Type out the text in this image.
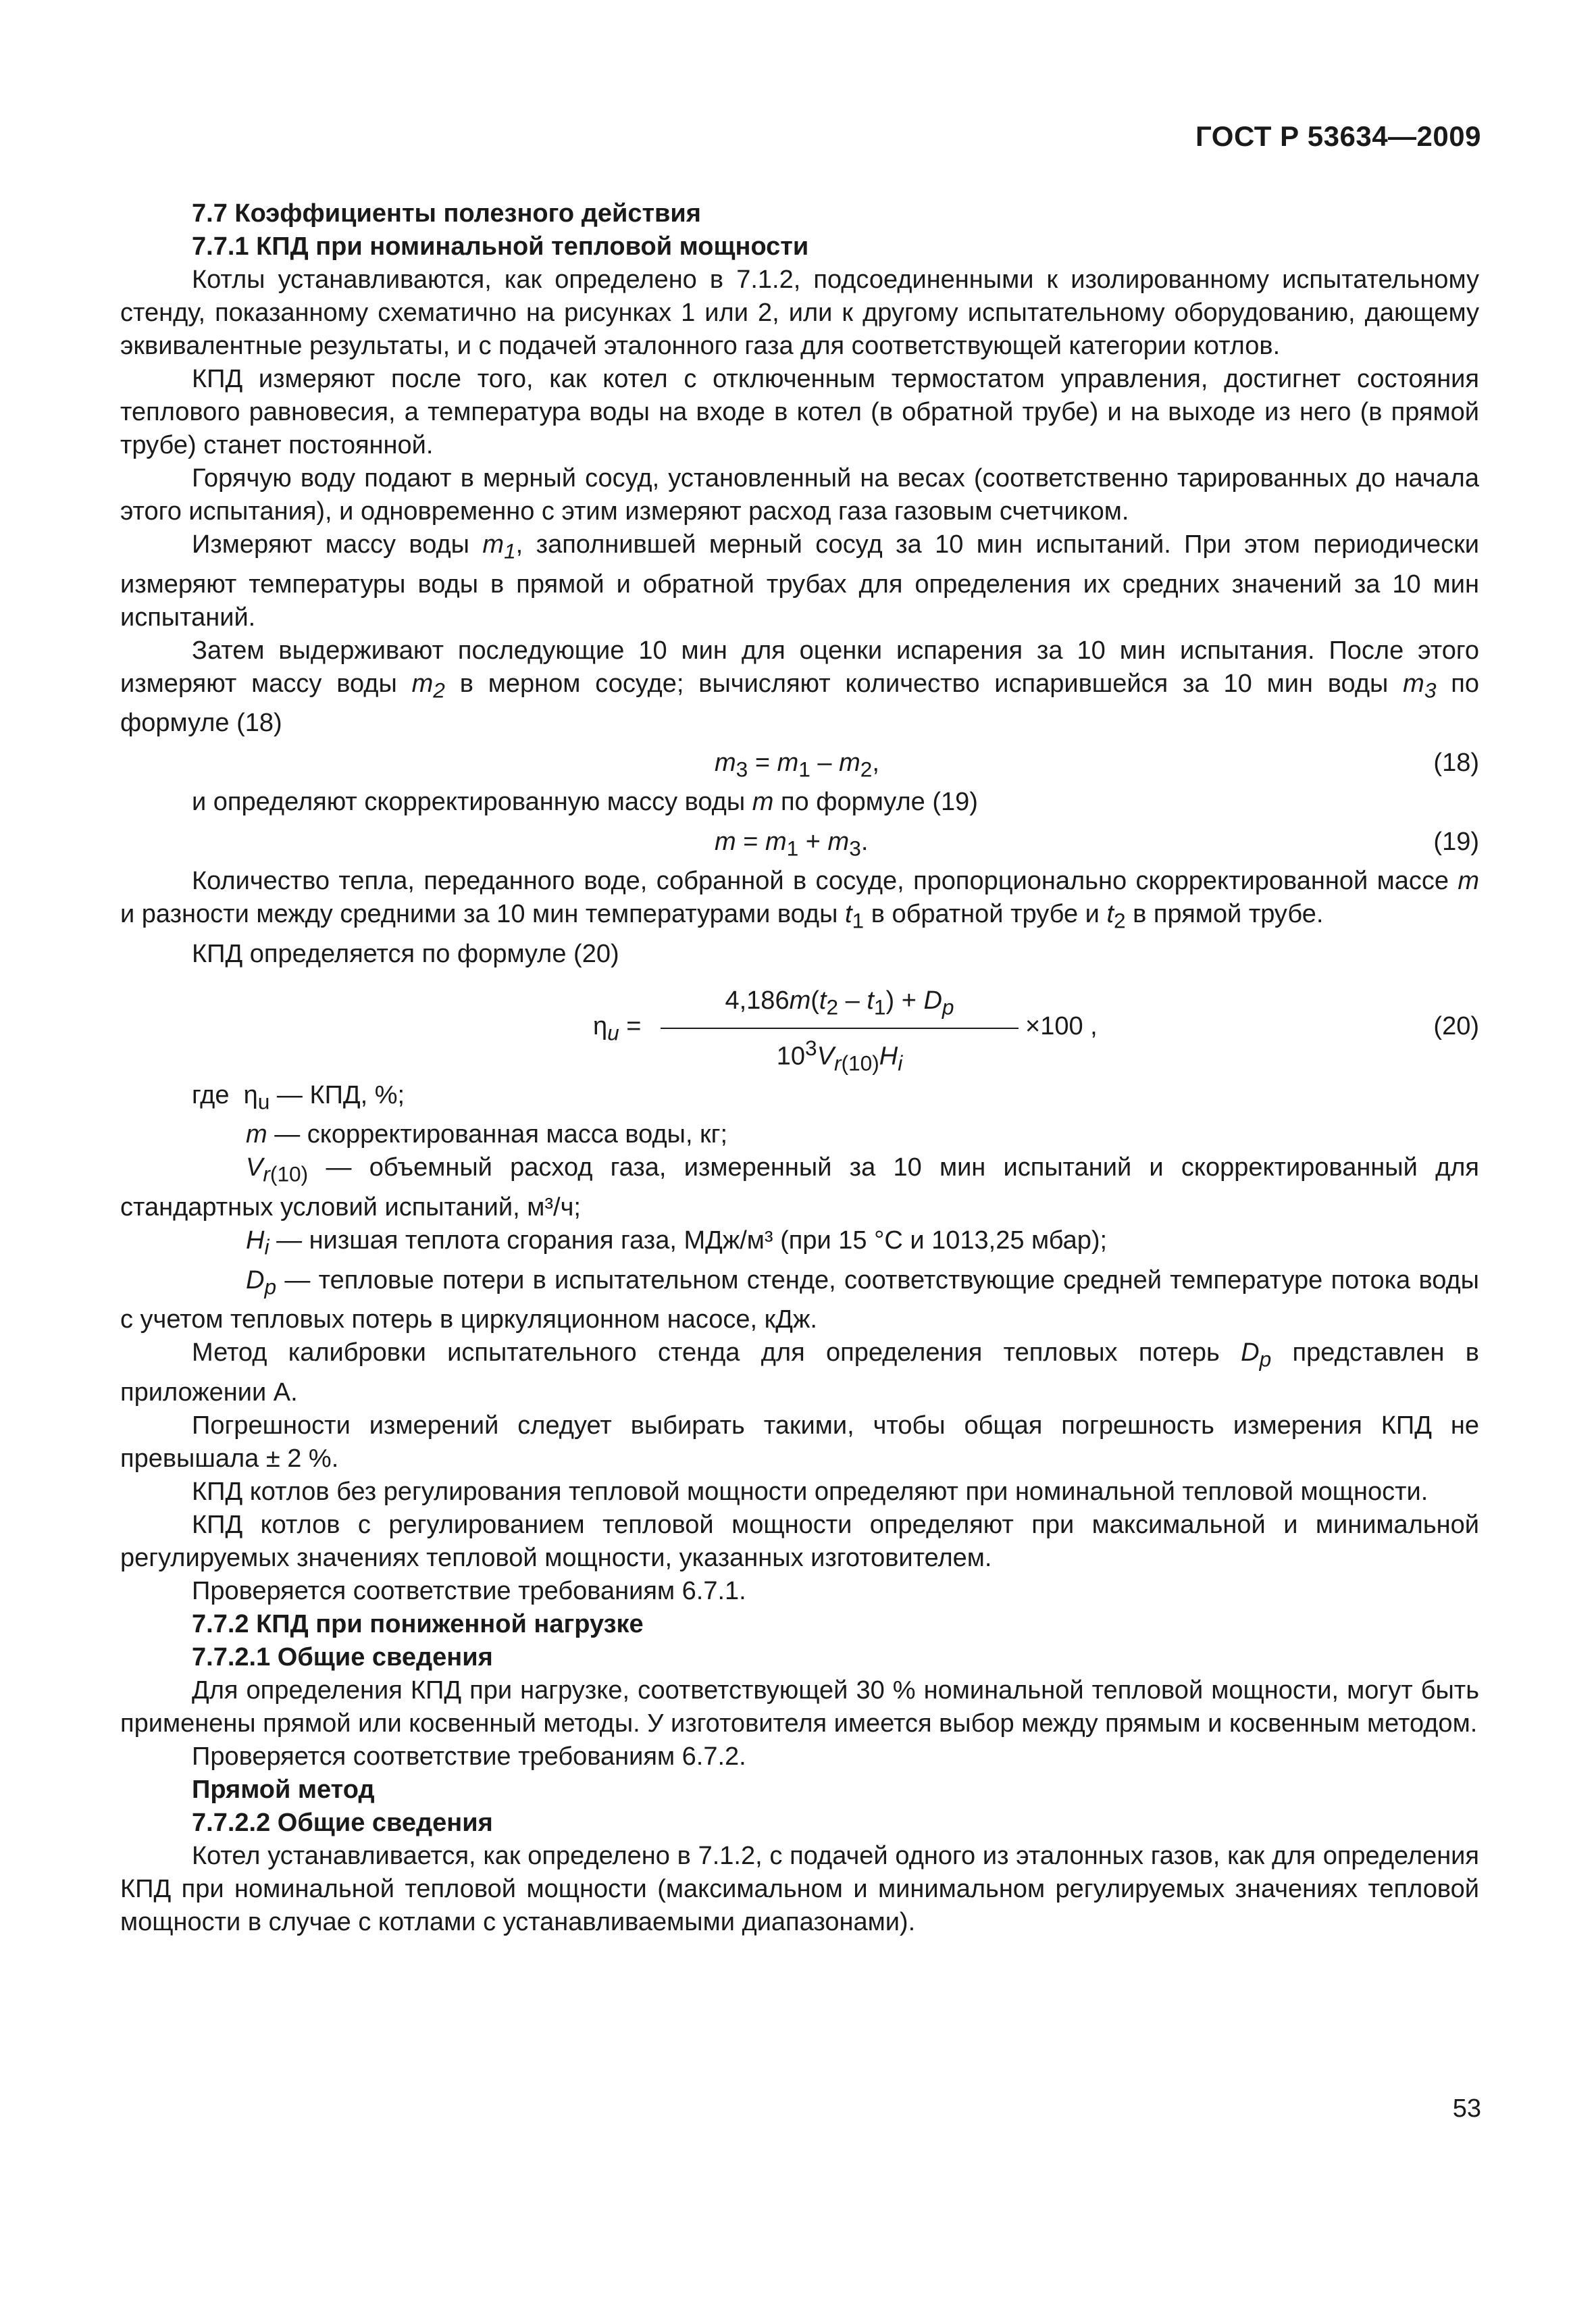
ГОСТ Р 53634—2009

7.7 Коэффициенты полезного действия

7.7.1 КПД при номинальной тепловой мощности

Котлы устанавливаются, как определено в 7.1.2, подсоединенными к изолированному испытательному стенду, показанному схематично на рисунках 1 или 2, или к другому испытательному оборудованию, дающему эквивалентные результаты, и с подачей эталонного газа для соответствующей категории котлов.

КПД измеряют после того, как котел с отключенным термостатом управления, достигнет состояния теплового равновесия, а температура воды на входе в котел (в обратной трубе) и на выходе из него (в прямой трубе) станет постоянной.

Горячую воду подают в мерный сосуд, установленный на весах (соответственно тарированных до начала этого испытания), и одновременно с этим измеряют расход газа газовым счетчиком.

Измеряют массу воды $m_1$, заполнившей мерный сосуд за 10 мин испытаний. При этом периодически измеряют температуры воды в прямой и обратной трубах для определения их средних значений за 10 мин испытаний.

Затем выдерживают последующие 10 мин для оценки испарения за 10 мин испытания. После этого измеряют массу воды $m_2$ в мерном сосуде; вычисляют количество испарившейся за 10 мин воды $m_3$ по формуле (18)

$m_3 = m_1 - m_2$,	(18)

и определяют скорректированную массу воды m по формуле (19)

$m = m_1 + m_3$.	(19)

Количество тепла, переданного воде, собранной в сосуде, пропорционально скорректированной массе m и разности между средними за 10 мин температурами воды $t_1$ в обратной трубе и $t_2$ в прямой трубе.

КПД определяется по формуле (20)

$\eta_u = \frac{4,186m(t_2 - t_1) + D_p}{10^3V_{r(10)}H_i} \times 100$ ,	(20)

где  $\eta_u$ — КПД, %;

m — скорректированная масса воды, кг;

$V_{r(10)}$ — объемный расход газа, измеренный за 10 мин испытаний и скорректированный для стандартных условий испытаний, м³/ч;

$H_i$ — низшая теплота сгорания газа, МДж/м³ (при 15 °С и 1013,25 мбар);

$D_p$ — тепловые потери в испытательном стенде, соответствующие средней температуре потока воды с учетом тепловых потерь в циркуляционном насосе, кДж.

Метод калибровки испытательного стенда для определения тепловых потерь $D_p$ представлен в приложении А.

Погрешности измерений следует выбирать такими, чтобы общая погрешность измерения КПД не превышала ± 2 %.

КПД котлов без регулирования тепловой мощности определяют при номинальной тепловой мощности.

КПД котлов с регулированием тепловой мощности определяют при максимальной и минимальной регулируемых значениях тепловой мощности, указанных изготовителем.

Проверяется соответствие требованиям 6.7.1.

7.7.2 КПД при пониженной нагрузке

7.7.2.1 Общие сведения

Для определения КПД при нагрузке, соответствующей 30 % номинальной тепловой мощности, могут быть применены прямой или косвенный методы. У изготовителя имеется выбор между прямым и косвенным методом.

Проверяется соответствие требованиям 6.7.2.

Прямой метод

7.7.2.2 Общие сведения

Котел устанавливается, как определено в 7.1.2, с подачей одного из эталонных газов, как для определения КПД при номинальной тепловой мощности (максимальном и минимальном регулируемых значениях тепловой мощности в случае с котлами с устанавливаемыми диапазонами).

53
